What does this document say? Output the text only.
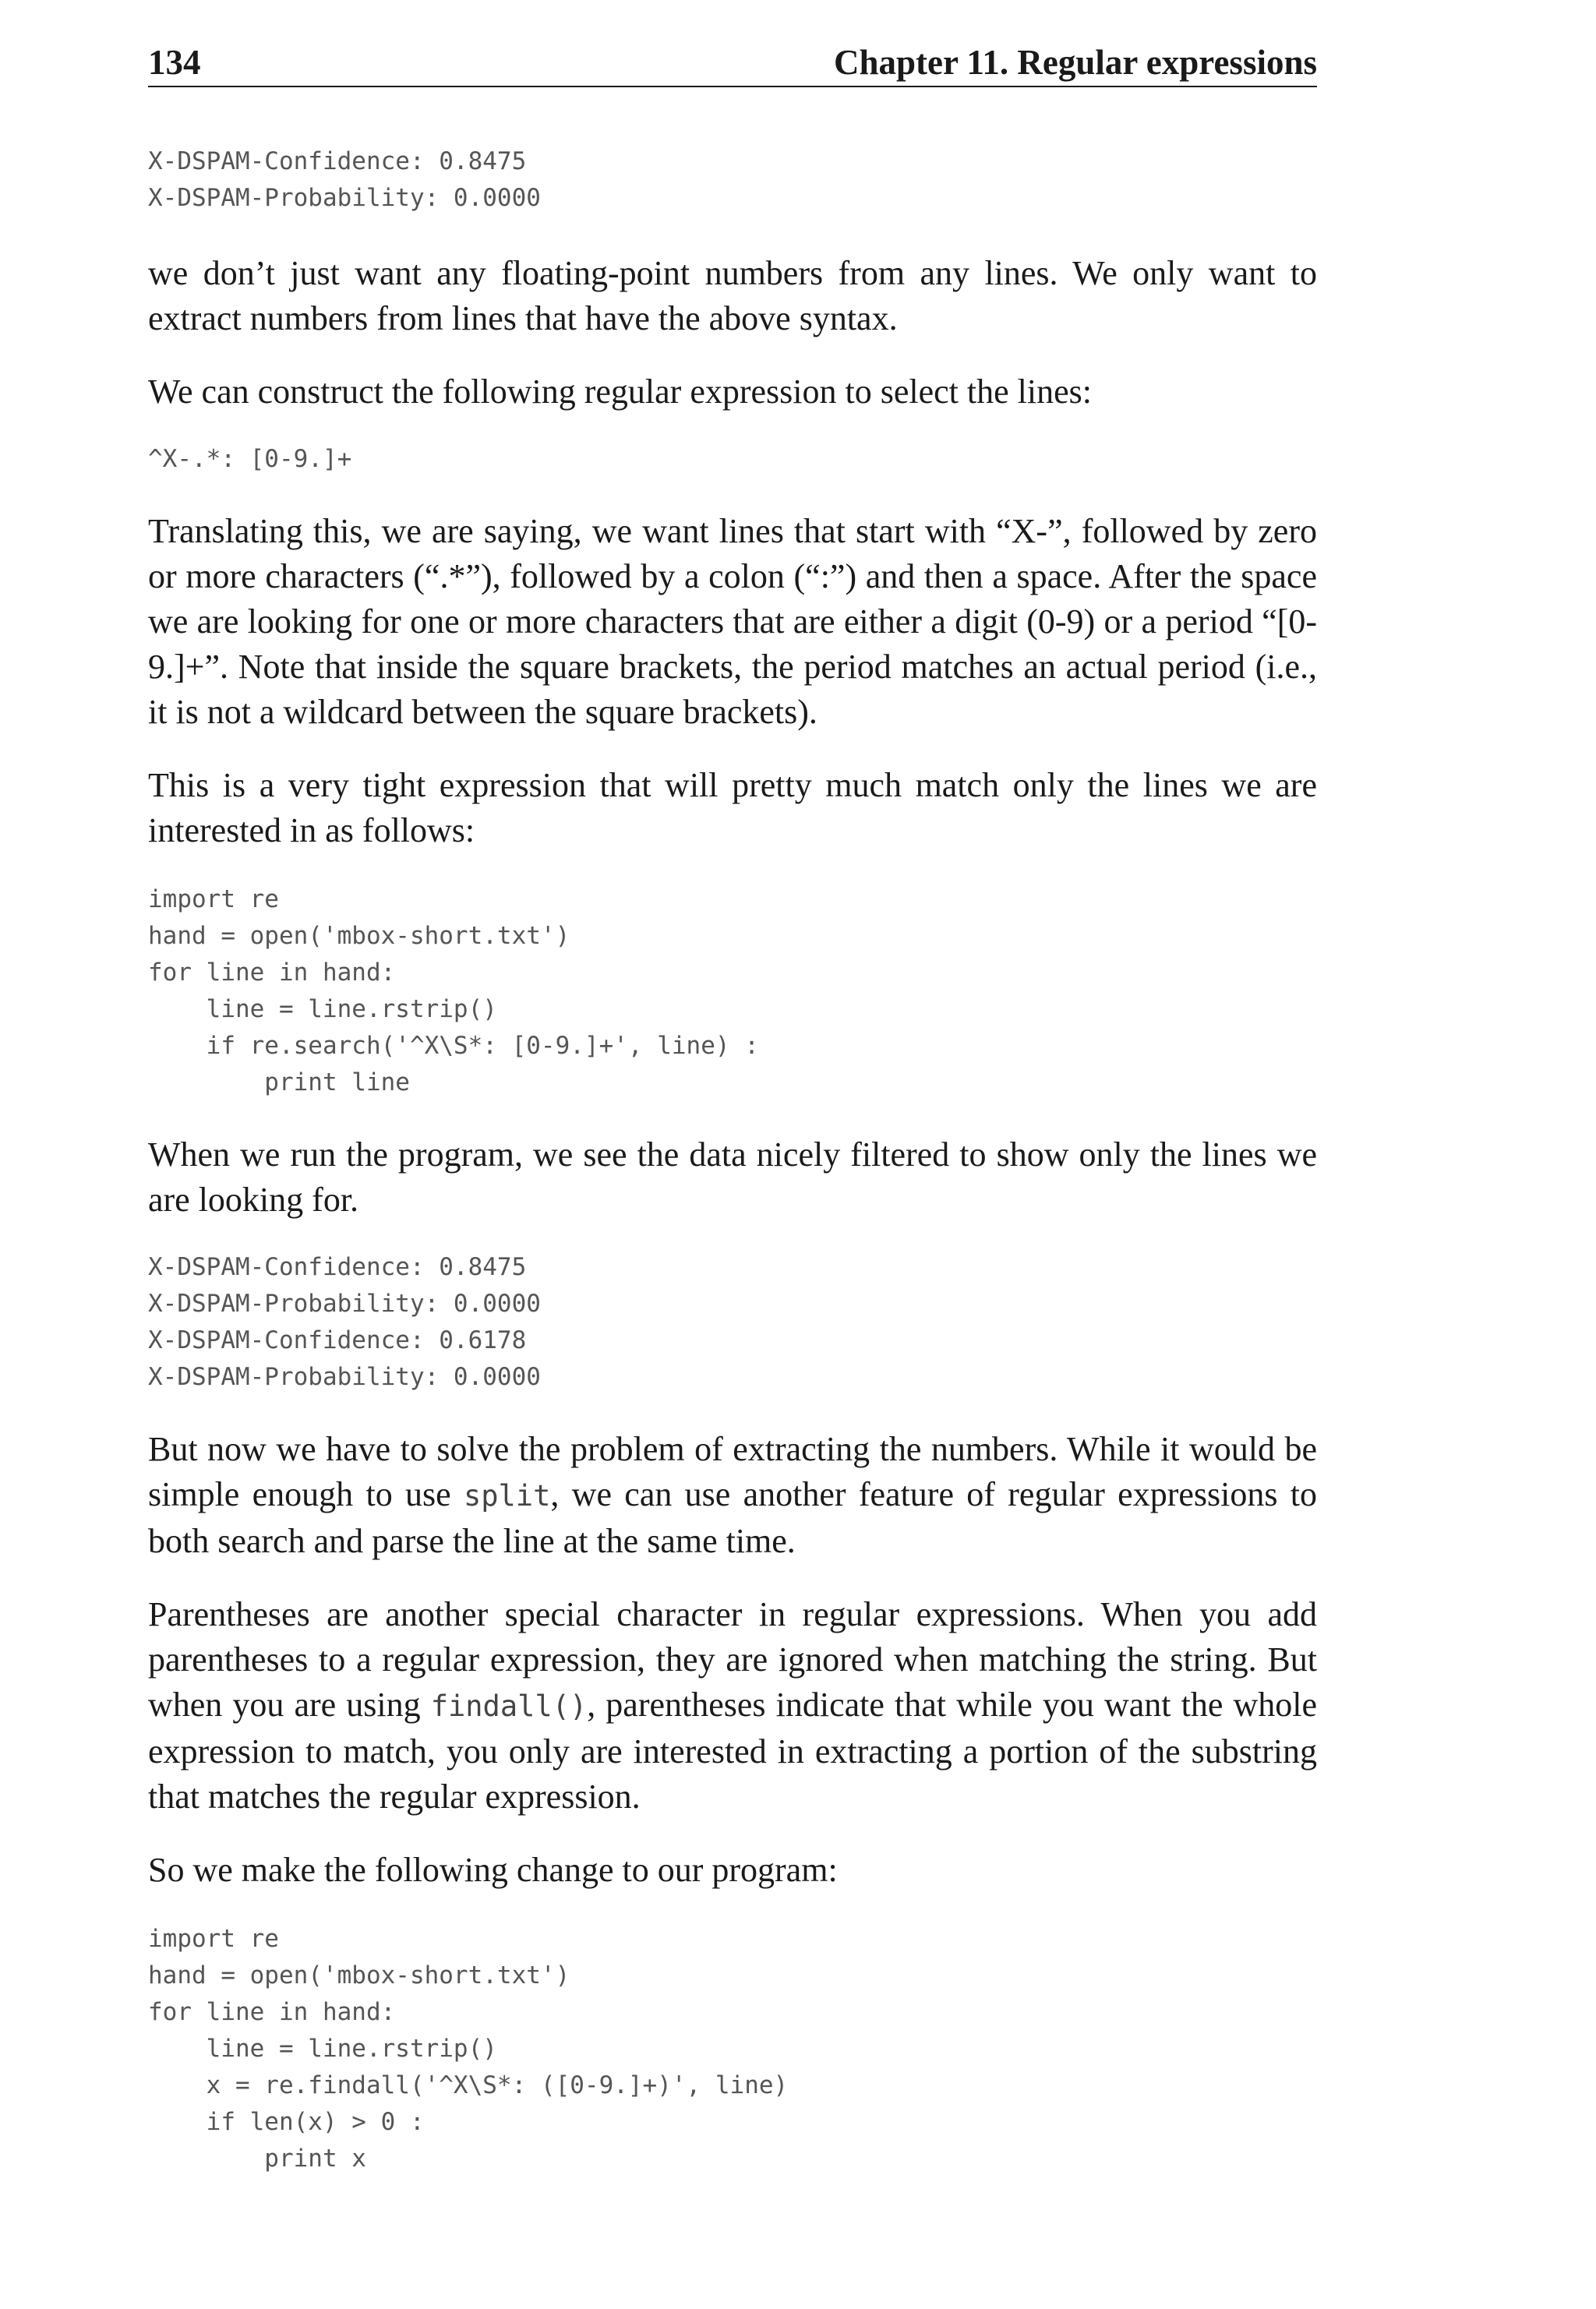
134	Chapter 11. Regular expressions
X-DSPAM-Confidence: 0.8475
X-DSPAM-Probability: 0.0000

we don’t just want any floating-point numbers from any lines. We only want to extract numbers from lines that have the above syntax.

We can construct the following regular expression to select the lines:

^X-.*: [0-9.]+

Translating this, we are saying, we want lines that start with “X-”, followed by zero or more characters (“.*”), followed by a colon (“:”) and then a space. After the space we are looking for one or more characters that are either a digit (0-9) or a period “[0-9.]+”. Note that inside the square brackets, the period matches an actual period (i.e., it is not a wildcard between the square brackets).

This is a very tight expression that will pretty much match only the lines we are interested in as follows:

import re
hand = open('mbox-short.txt')
for line in hand:
line = line.rstrip()
if re.search('^X\S*: [0-9.]+', line) :
print line

When we run the program, we see the data nicely filtered to show only the lines we are looking for.

X-DSPAM-Confidence: 0.8475
X-DSPAM-Probability: 0.0000
X-DSPAM-Confidence: 0.6178
X-DSPAM-Probability: 0.0000

But now we have to solve the problem of extracting the numbers. While it would be simple enough to use split, we can use another feature of regular expressions to both search and parse the line at the same time.

Parentheses are another special character in regular expressions. When you add parentheses to a regular expression, they are ignored when matching the string. But when you are using findall(), parentheses indicate that while you want the whole expression to match, you only are interested in extracting a portion of the substring that matches the regular expression.

So we make the following change to our program:

import re
hand = open('mbox-short.txt')
for line in hand:
line = line.rstrip()
x = re.findall('^X\S*: ([0-9.]+)', line)
if len(x) > 0 :
print x
